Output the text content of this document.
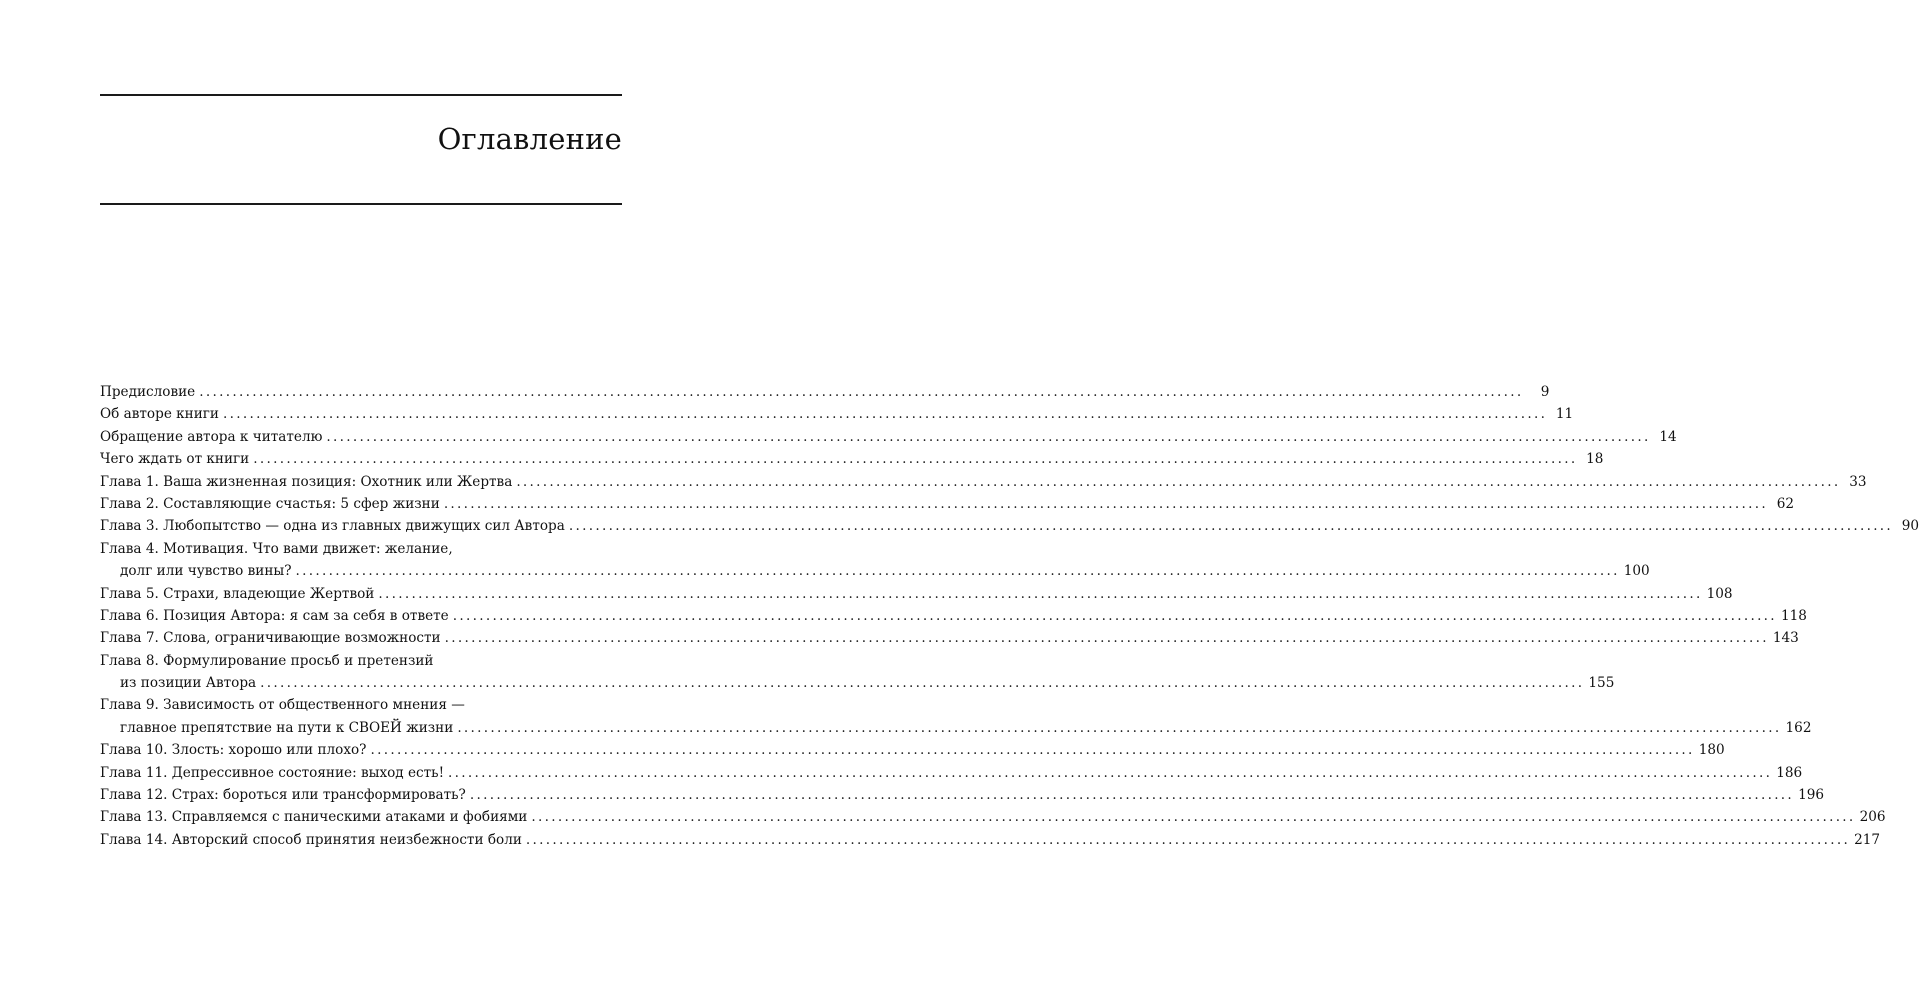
Оглавление
Предисловие ........................................................................................................................................................................................................	9
Об авторе книги ........................................................................................................................................................................................................ 11
Обращение автора к читателю ........................................................................................................................................................................................................ 14
Чего ждать от книги ........................................................................................................................................................................................................ 18
Глава 1. Ваша жизненная позиция: Охотник или Жертва ........................................................................................................................................................................................................ 33
Глава 2. Составляющие счастья: 5 сфер жизни ........................................................................................................................................................................................................ 62
Глава 3. Любопытство — одна из главных движущих сил Автора ........................................................................................................................................................................................................ 90
Глава 4. Мотивация. Что вами движет: желание,
долг или чувство вины? ........................................................................................................................................................................................................ 100
Глава 5. Страхи, владеющие Жертвой ........................................................................................................................................................................................................ 108
Глава 6. Позиция Автора: я сам за себя в ответе ........................................................................................................................................................................................................ 118
Глава 7. Слова, ограничивающие возможности ........................................................................................................................................................................................................ 143
Глава 8. Формулирование просьб и претензий
из позиции Автора ........................................................................................................................................................................................................ 155
Глава 9. Зависимость от общественного мнения —
главное препятствие на пути к СВОЕЙ жизни ........................................................................................................................................................................................................ 162
Глава 10. Злость: хорошо или плохо? ........................................................................................................................................................................................................ 180
Глава 11. Депрессивное состояние: выход есть! ........................................................................................................................................................................................................ 186
Глава 12. Страх: бороться или трансформировать? ........................................................................................................................................................................................................ 196
Глава 13. Справляемся с паническими атаками и фобиями ........................................................................................................................................................................................................ 206
Глава 14. Авторский способ принятия неизбежности боли ........................................................................................................................................................................................................ 217
